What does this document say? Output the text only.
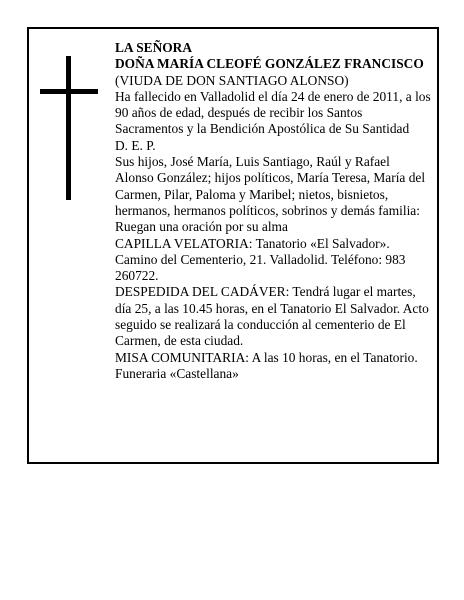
LA SEÑORA

DOÑA MARÍA CLEOFÉ GONZÁLEZ FRANCISCO

(VIUDA DE DON SANTIAGO ALONSO)

Ha fallecido en Valladolid el día 24 de enero de 2011, a los 90 años de edad, después de recibir los Santos Sacramentos y la Bendición Apostólica de Su Santidad

D. E. P.

Sus hijos, José María, Luis Santiago, Raúl y Rafael Alonso González; hijos políticos, María Teresa, María del Carmen, Pilar, Paloma y Maribel; nietos, bisnietos, hermanos, hermanos políticos, sobrinos y demás familia:

Ruegan una oración por su alma

CAPILLA VELATORIA: Tanatorio «El Salvador». Camino del Cementerio, 21. Valladolid. Teléfono: 983 260722.

DESPEDIDA DEL CADÁVER: Tendrá lugar el martes, día 25, a las 10.45 horas, en el Tanatorio El Salvador. Acto seguido se realizará la conducción al cementerio de El Carmen, de esta ciudad.

MISA COMUNITARIA: A las 10 horas, en el Tanatorio.

Funeraria «Castellana»
